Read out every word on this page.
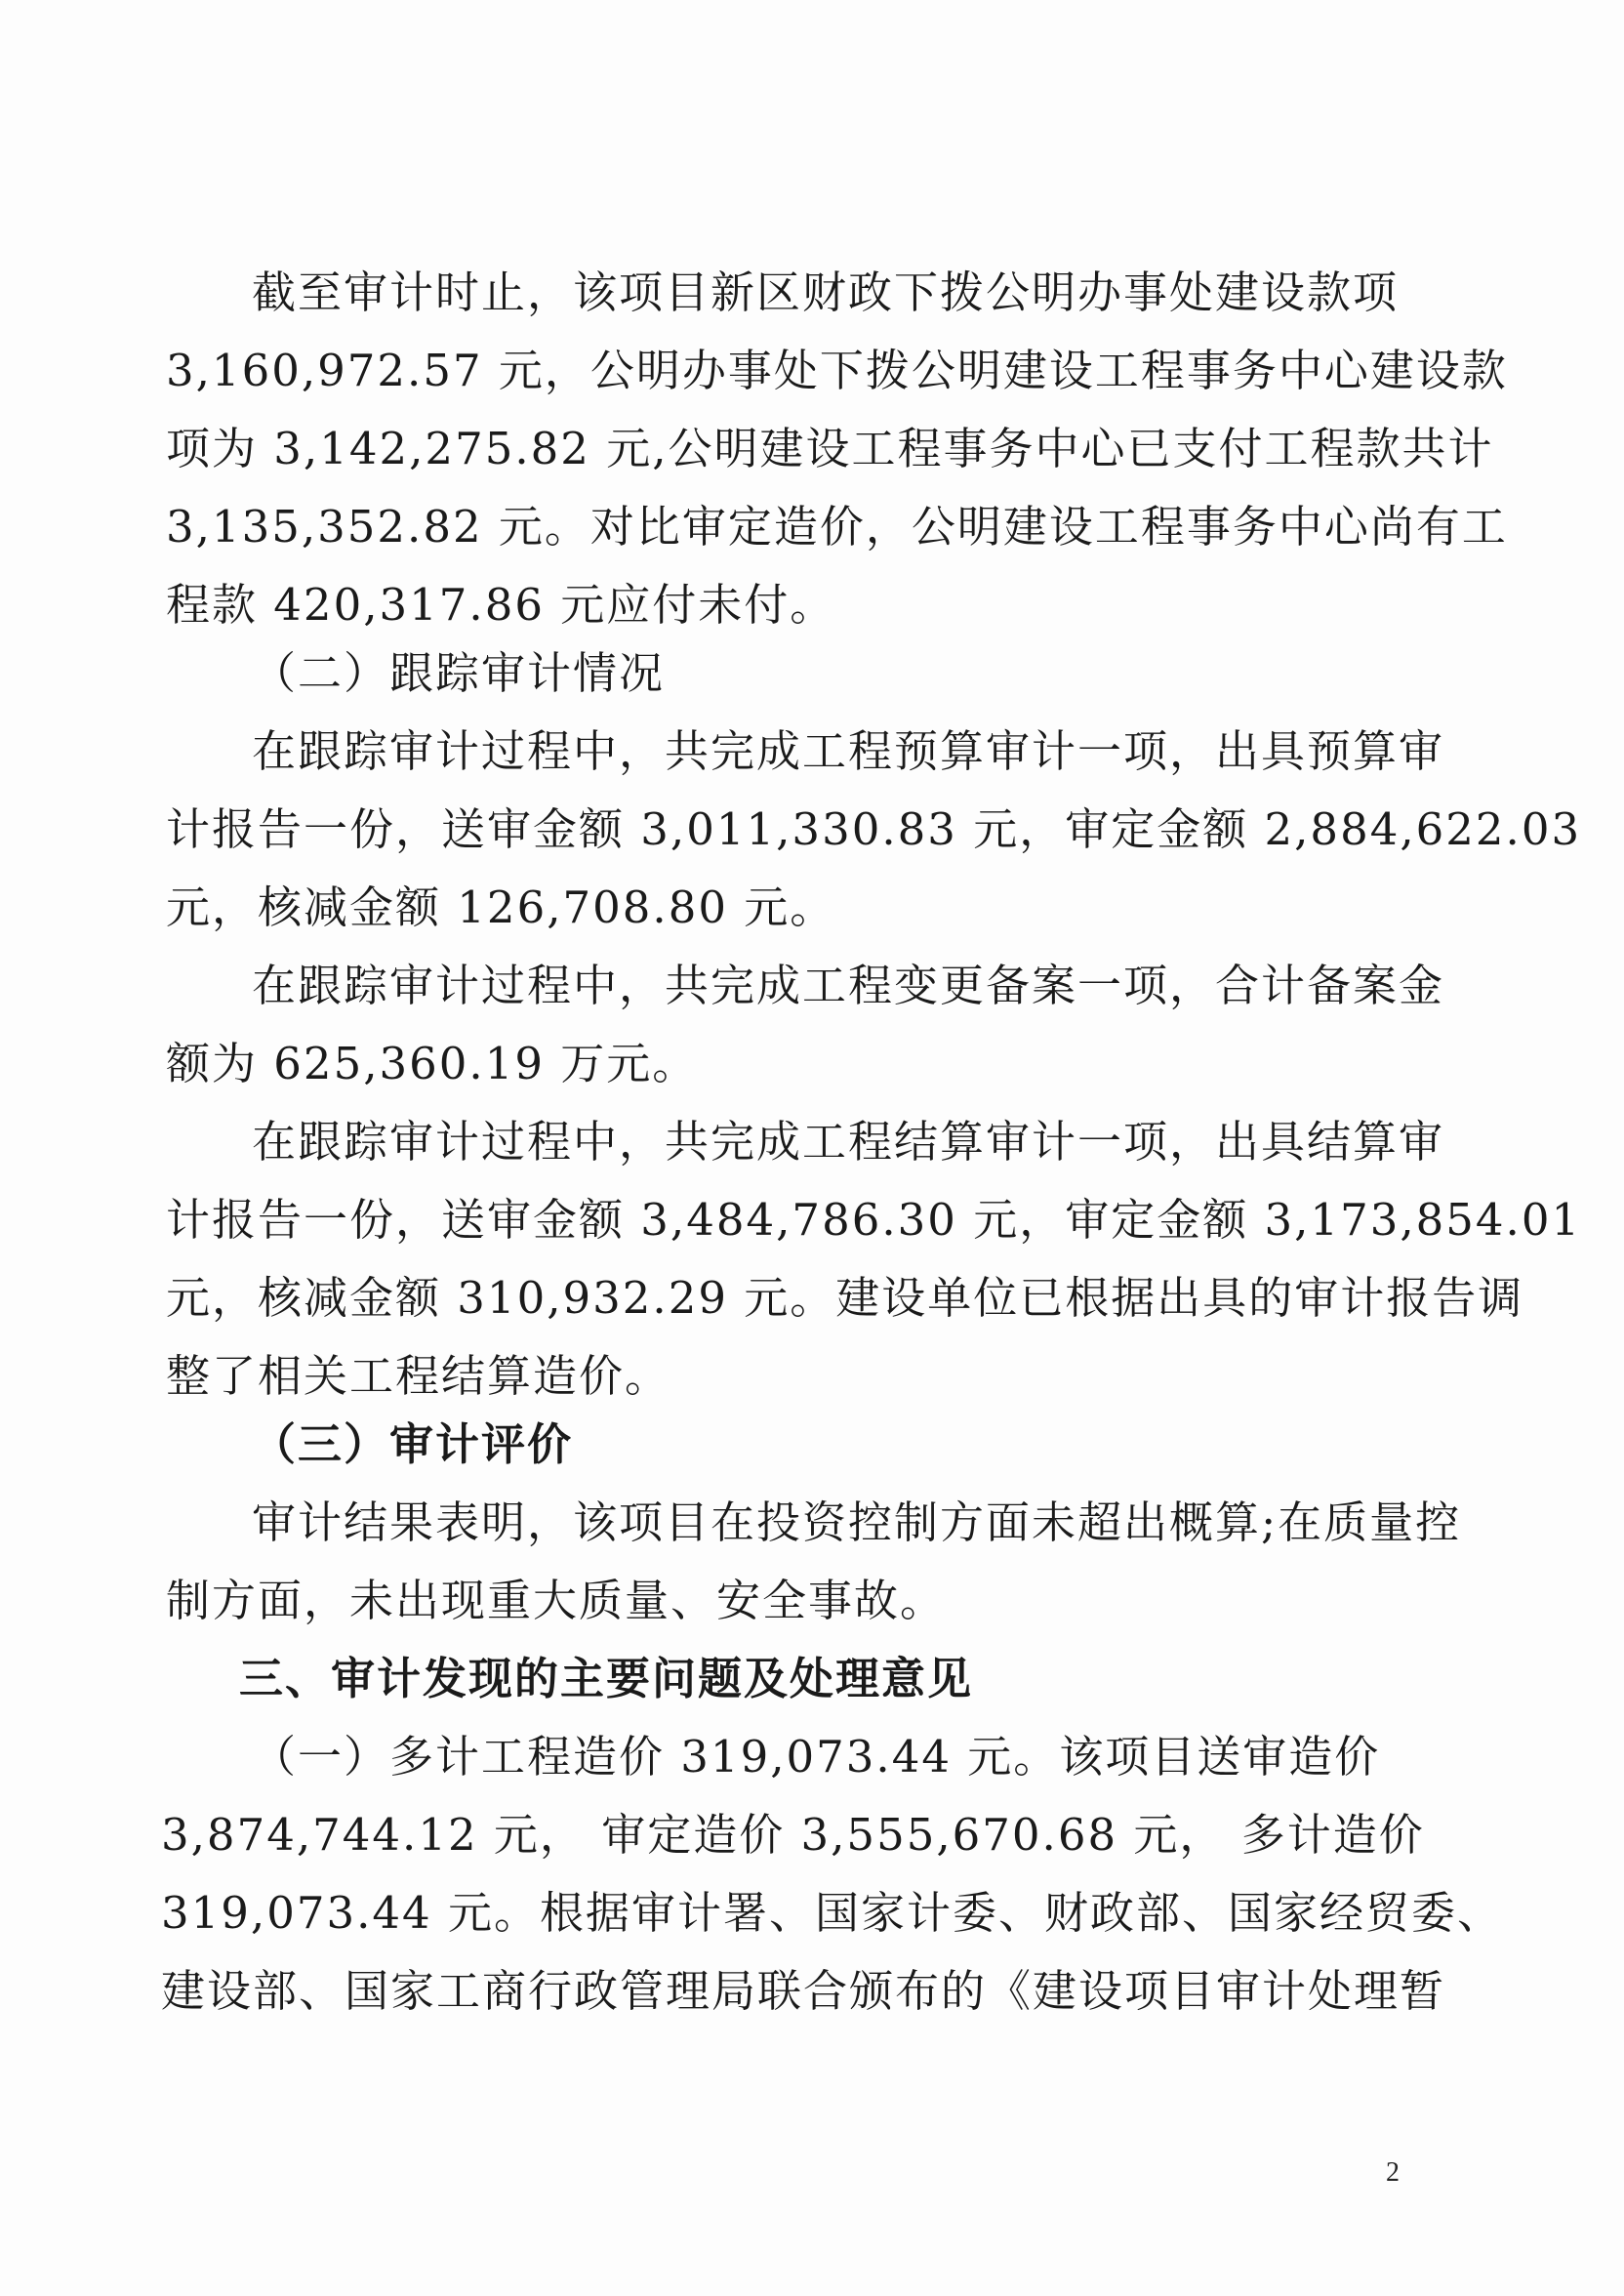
截至审计时止，该项目新区财政下拨公明办事处建设款项
3,160,972.57 元，公明办事处下拨公明建设工程事务中心建设款
项为 3,142,275.82 元,公明建设工程事务中心已支付工程款共计
3,135,352.82 元。对比审定造价，公明建设工程事务中心尚有工
程款 420,317.86 元应付未付。
（二）跟踪审计情况
在跟踪审计过程中，共完成工程预算审计一项，出具预算审
计报告一份，送审金额 3,011,330.83 元，审定金额 2,884,622.03
元，核减金额 126,708.80 元。
在跟踪审计过程中，共完成工程变更备案一项，合计备案金
额为 625,360.19 万元。
在跟踪审计过程中，共完成工程结算审计一项，出具结算审
计报告一份，送审金额 3,484,786.30 元，审定金额 3,173,854.01
元，核减金额 310,932.29 元。建设单位已根据出具的审计报告调
整了相关工程结算造价。
（三）审计评价
审计结果表明，该项目在投资控制方面未超出概算;在质量控
制方面，未出现重大质量、安全事故。
三、审计发现的主要问题及处理意见
（一）多计工程造价 319,073.44 元。该项目送审造价
3,874,744.12 元， 审定造价 3,555,670.68 元， 多计造价
319,073.44 元。根据审计署、国家计委、财政部、国家经贸委、
建设部、国家工商行政管理局联合颁布的《建设项目审计处理暂
2
